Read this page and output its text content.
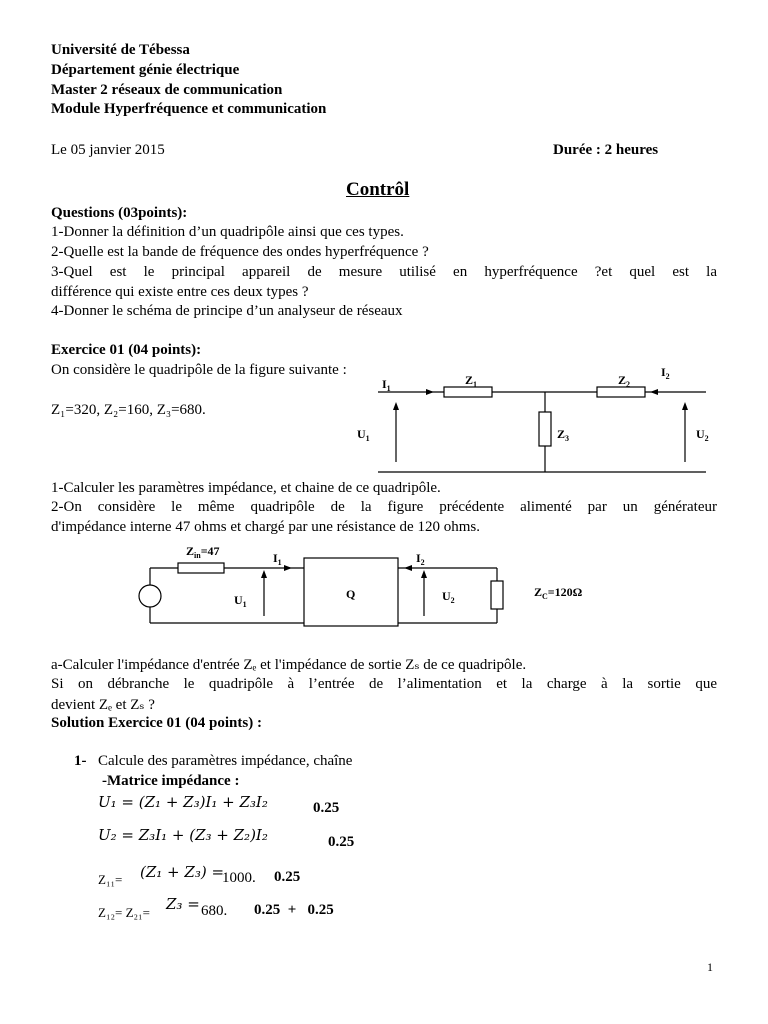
Université de Tébessa
Département génie électrique
Master 2 réseaux de communication
Module Hyperfréquence et communication
Le 05 janvier 2015	Durée : 2 heures
Contrôl
Questions (03points):
1-Donner la définition d’un quadripôle ainsi que ces types.
2-Quelle est la bande de fréquence des ondes hyperfréquence ?
3-Quel est le principal appareil de mesure utilisé en hyperfréquence ?et quel est la
différence qui existe entre ces deux types ?
4-Donner le schéma de principe d’un analyseur de réseaux
Exercice 01 (04 points):
On considère le quadripôle de la figure suivante :
Z₁=320, Z₂=160, Z₃=680.
$I_1$
$Z_1$	$Z_2$
$I_2$
$U_1$	$Z_3$	$U_2$
1-Calculer les paramètres impédance, et chaine de ce quadripôle.
2-On considère le même quadripôle de la figure précédente alimenté par un générateur
d'impédance interne 47 ohms et chargé par une résistance de 120 ohms.
$Z_{in}=47$	$I_1$	$I_2$
$U_1$
Q	$U_2$
$Z_C=120\Omega$
a-Calculer l'impédance d'entrée Zₑ et l'impédance de sortie Zₛ de ce quadripôle.
Si on débranche le quadripôle à l’entrée de l’alimentation et la charge à la sortie que
devient Zₑ et Zₛ ?
Solution Exercice 01 (04 points) :
1- Calcule des paramètres impédance, chaîne
-Matrice impédance :
U₁ = (Z₁ + Z₃)I₁ + Z₃I₂	0.25
U₂ = Z₃I₁ + (Z₃ + Z₂)I₂	0.25
Z₁₁= (Z₁ + Z₃) =
1000. 0.25
Z₁₂= Z₂₁= Z₃ = 680. 0.25  +   0.25
1
